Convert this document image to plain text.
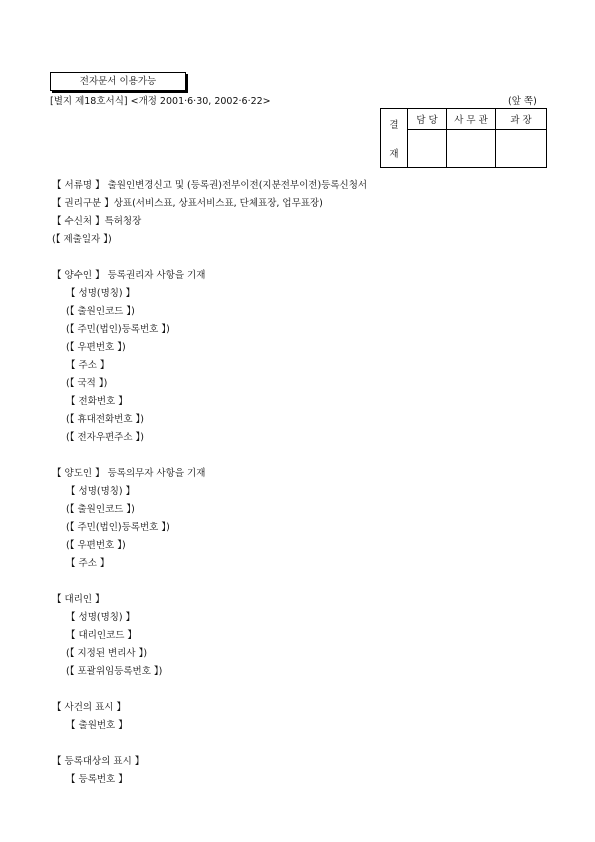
전자문서 이용가능
[별지 제18호서식] <개정 2001·6·30, 2002·6·22>	(앞 쪽)
결
재	담 당	사 무 관	과 장

【 서류명 】 출원인변경신고 및 (등록권)전부이전(지분전부이전)등록신청서
【 권리구분 】상표(서비스표, 상표서비스표, 단체표장, 업무표장)
【 수신처 】특허청장
(【 제출일자 】)
【 양수인 】 등록권리자 사항을 기재
【 성명(명칭) 】
(【 출원인코드 】)
(【 주민(법인)등록번호 】)
(【 우편번호 】)
【 주소 】
(【 국적 】)
【 전화번호 】
(【 휴대전화번호 】)
(【 전자우편주소 】)
【 양도인 】 등록의무자 사항을 기재
【 성명(명칭) 】
(【 출원인코드 】)
(【 주민(법인)등록번호 】)
(【 우편번호 】)
【 주소 】
【 대리인 】
【 성명(명칭) 】
【 대리인코드 】
(【 지정된 변리사 】)
(【 포괄위임등록번호 】)
【 사건의 표시 】
【 출원번호 】
【 등록대상의 표시 】
【 등록번호 】
